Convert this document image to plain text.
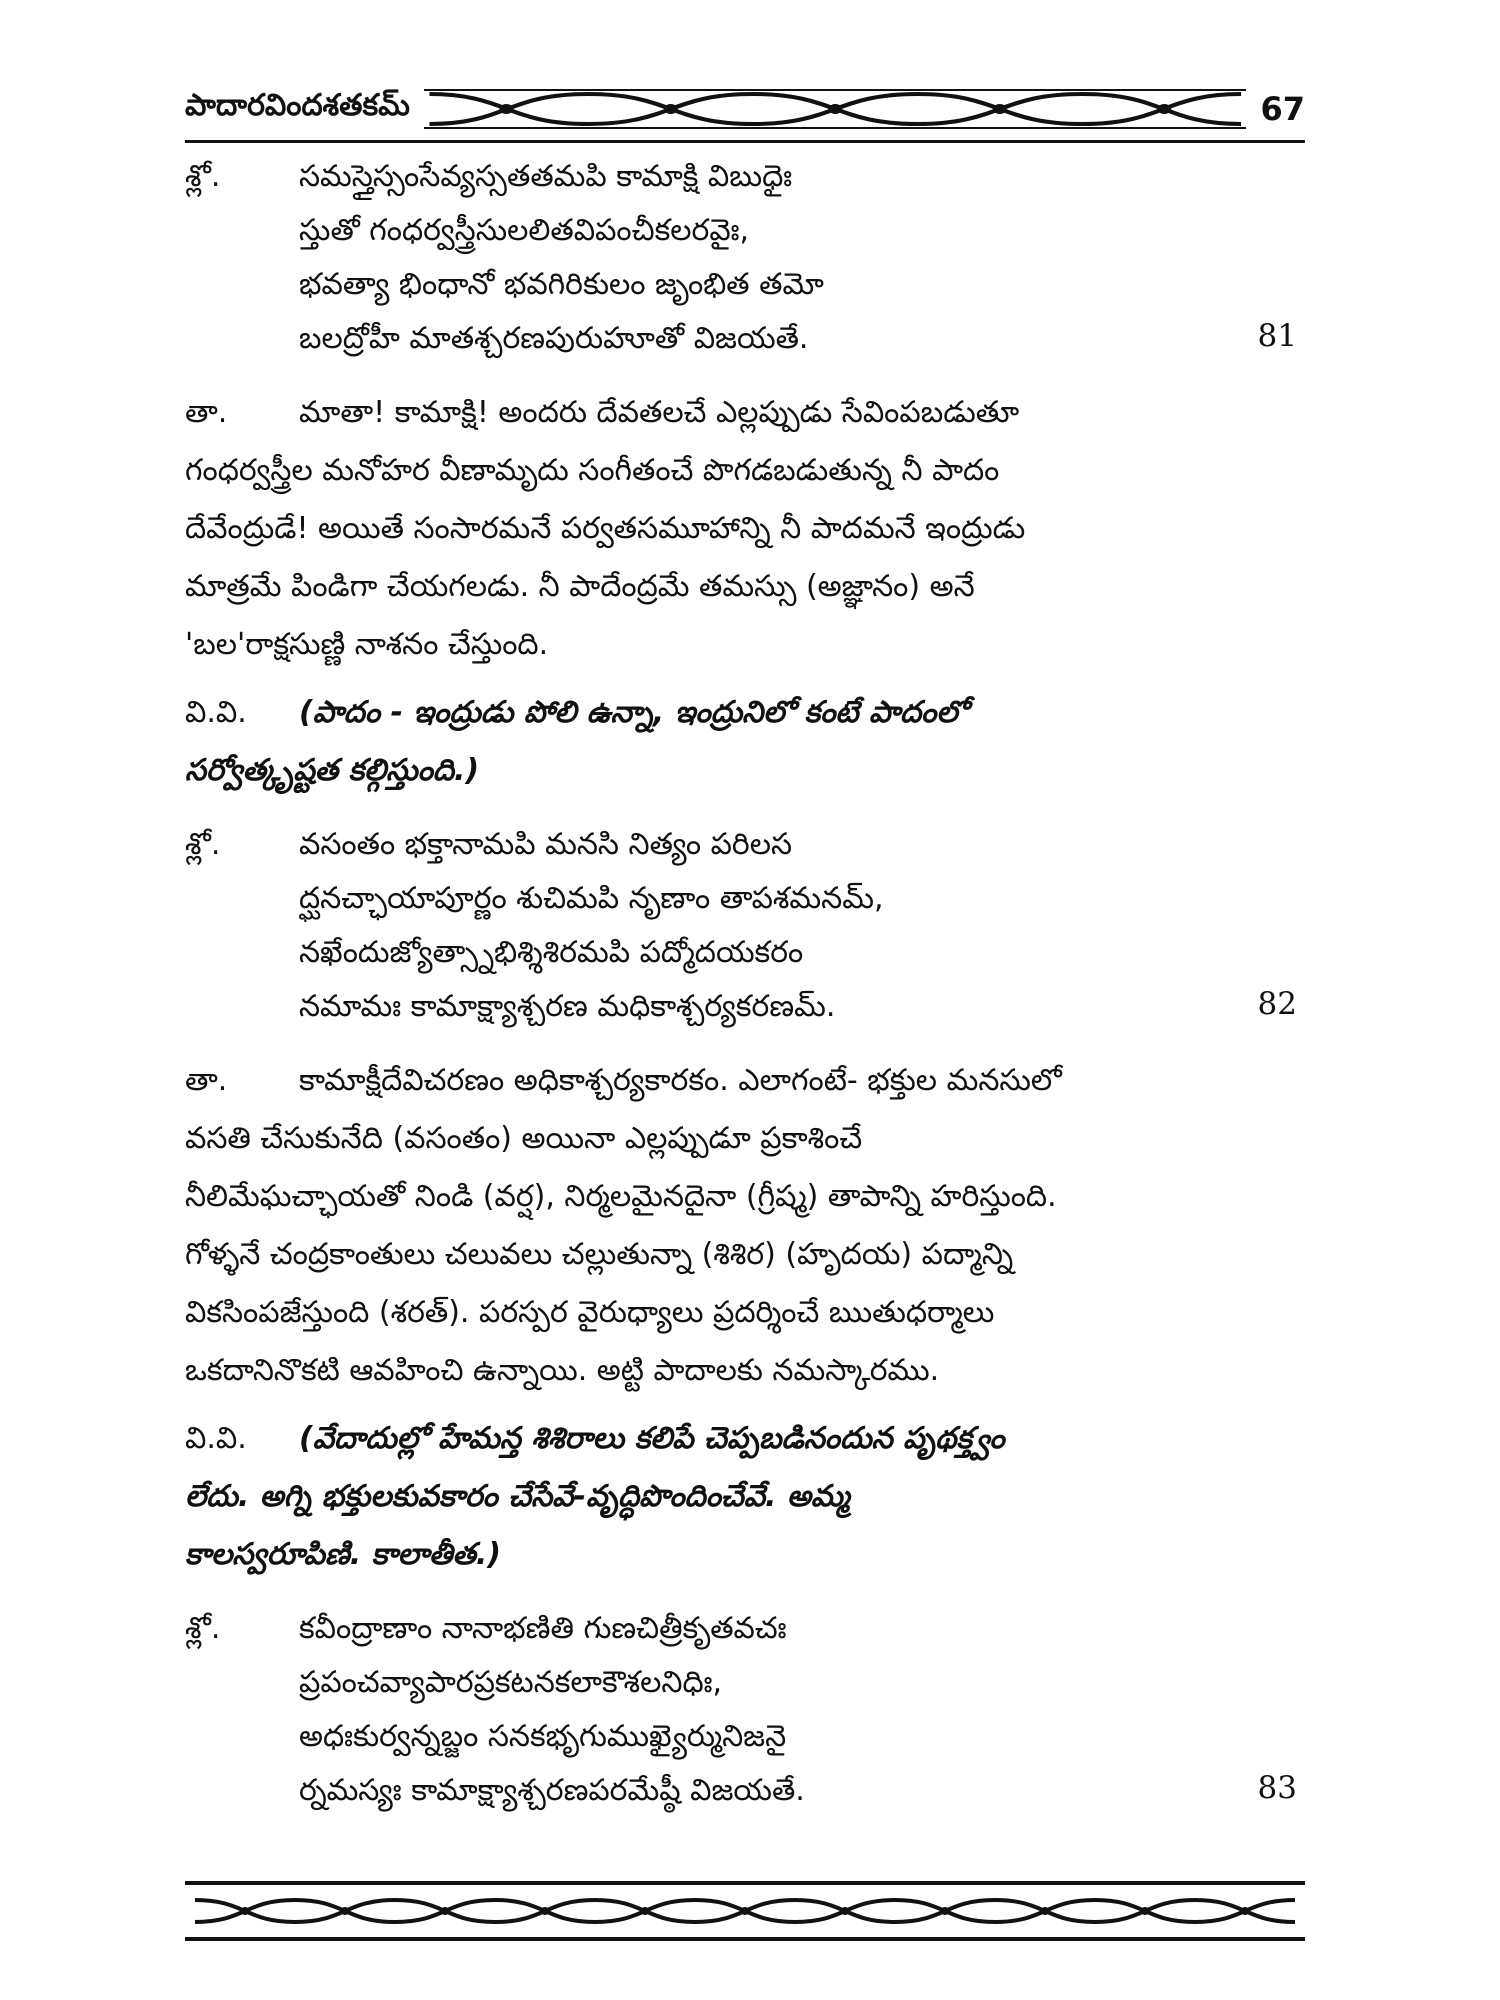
పాదారవిందశతకమ్	67
శ్లో.	సమస్తైస్సంసేవ్యస్సతతమపి కామాక్షి విబుధైః
స్తుతో గంధర్వస్త్రీసులలితవిపంచీకలరవైః,
భవత్యా భింధానో భవగిరికులం జృంభిత తమో
బలద్రోహీ మాతశ్చరణపురుహూతో విజయతే.	81
తా.	మాతా! కామాక్షి! అందరు దేవతలచే ఎల్లప్పుడు సేవింపబడుతూ
గంధర్వస్త్రీల మనోహర వీణామృదు సంగీతంచే పొగడబడుతున్న నీ పాదం
దేవేంద్రుడే! అయితే సంసారమనే పర్వతసమూహాన్ని నీ పాదమనే ఇంద్రుడు
మాత్రమే పిండిగా చేయగలడు. నీ పాదేంద్రమే తమస్సు (అజ్ఞానం) అనే
'బల'రాక్షసుణ్ణి నాశనం చేస్తుంది.
వి.వి.	(పాదం - ఇంద్రుడు పోలి ఉన్నా, ఇంద్రునిలో కంటే పాదంలో
సర్వోత్కృష్టత కల్గిస్తుంది.)
శ్లో.	వసంతం భక్తానామపి మనసి నిత్యం పరిలస
ద్ఘనచ్ఛాయాపూర్ణం శుచిమపి నృణాం తాపశమనమ్,
నఖేందుజ్యోత్స్నాభిశ్శిశిరమపి పద్మోదయకరం
నమామః కామాక్ష్యాశ్చరణ మధికాశ్చర్యకరణమ్.	82
తా.	కామాక్షీదేవిచరణం అధికాశ్చర్యకారకం. ఎలాగంటే- భక్తుల మనసులో
వసతి చేసుకునేది (వసంతం) అయినా ఎల్లప్పుడూ ప్రకాశించే
నీలిమేఘచ్ఛాయతో నిండి (వర్ష), నిర్మలమైనదైనా (గ్రీష్మ) తాపాన్ని హరిస్తుంది.
గోళ్ళనే చంద్రకాంతులు చలువలు చల్లుతున్నా (శిశిర) (హృదయ) పద్మాన్ని
వికసింపజేస్తుంది (శరత్). పరస్పర వైరుధ్యాలు ప్రదర్శించే ఋతుధర్మాలు
ఒకదానినొకటి ఆవహించి ఉన్నాయి. అట్టి పాదాలకు నమస్కారము.
వి.వి.	(వేదాదుల్లో హేమన్త శిశిరాలు కలిపే చెప్పబడినందున పృథక్త్వం
లేదు. అగ్ని భక్తులకువకారం చేసేవే-వృద్ధిపొందించేవే. అమ్మ
కాలస్వరూపిణి. కాలాతీత.)
శ్లో.	కవీంద్రాణాం నానాభణితి గుణచిత్రీకృతవచః
ప్రపంచవ్యాపారప్రకటనకలాకౌశలనిధిః,
అధఃకుర్వన్నబ్జం సనకభృగుముఖ్యైర్మునిజనై
ర్నమస్యః కామాక్ష్యాశ్చరణపరమేష్ఠీ విజయతే.	83
